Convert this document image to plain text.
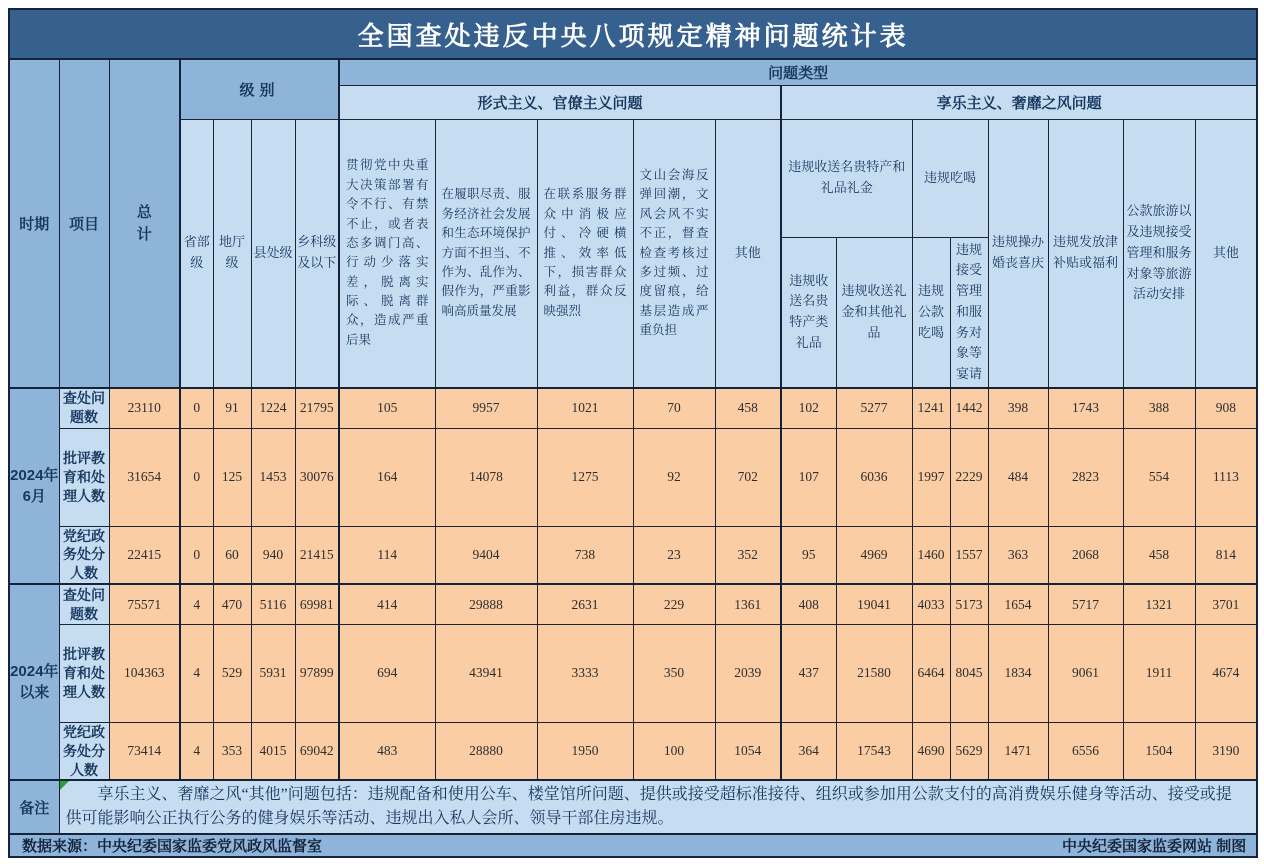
全国查处违反中央八项规定精神问题统计表																			
时期	项目	总计	级别				问题类型												
							形式主义、官僚主义问题					享乐主义、奢靡之风问题							
			省部级	地厅级	县处级	乡科级及以下	贯彻党中央重大决策部署有令不行、有禁不止，或者表态多调门高、行动少落实差，脱离实际、脱离群众，造成严重后果	在履职尽责、服务经济社会发展和生态环境保护方面不担当、不作为、乱作为、假作为，严重影响高质量发展	在联系服务群众中消极应付、冷硬横推、效率低下，损害群众利益，群众反映强烈	文山会海反弹回潮，文风会风不实不正，督查检查考核过多过频、过度留痕，给基层造成严重负担	其他	违规收送名贵特产和礼品礼金		违规吃喝		违规操办婚丧喜庆	违规发放津补贴或福利	公款旅游以及违规接受管理和服务对象等旅游活动安排	其他
												违规收送名贵特产类礼品	违规收送礼金和其他礼品	违规公款吃喝	违规接受管理和服务对象等宴请				
2024年6月	查处问题数	23110	0	91	1224	21795	105	9957	1021	70	458	102	5277	1241	1442	398	1743	388	908
	批评教育和处理人数	31654	0	125	1453	30076	164	14078	1275	92	702	107	6036	1997	2229	484	2823	554	1113
	党纪政务处分人数	22415	0	60	940	21415	114	9404	738	23	352	95	4969	1460	1557	363	2068	458	814
2024年以来	查处问题数	75571	4	470	5116	69981	414	29888	2631	229	1361	408	19041	4033	5173	1654	5717	1321	3701
	批评教育和处理人数	104363	4	529	5931	97899	694	43941	3333	350	2039	437	21580	6464	8045	1834	9061	1911	4674
	党纪政务处分人数	73414	4	353	4015	69042	483	28880	1950	100	1054	364	17543	4690	5629	1471	6556	1504	3190
备注	享乐主义、奢靡之风“其他”问题包括：违规配备和使用公车、楼堂馆所问题、提供或接受超标准接待、组织或参加用公款支付的高消费娱乐健身等活动、接受或提供可能影响公正执行公务的健身娱乐等活动、违规出入私人会所、领导干部住房违规。																		

数据来源：中央纪委国家监委党风政风监督室 中央纪委国家监委网站 制图																			
